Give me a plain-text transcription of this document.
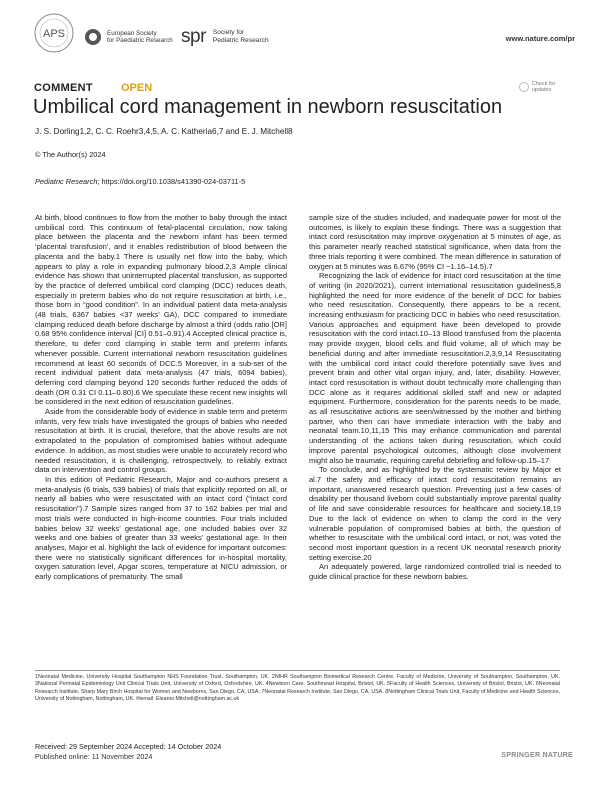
APS	European Society
for Paediatric Research spr Society for
Pediatric Research	www.nature.com/pr
Check for updates
COMMENT	OPEN
Umbilical cord management in newborn resuscitation
J. S. Dorling1,2, C. C. Roehr3,4,5, A. C. Katheria6,7 and E. J. Mitchell8
© The Author(s) 2024
Pediatric Research; https://doi.org/10.1038/s41390-024-03711-5

At birth, blood continues to flow from the mother to baby through the intact umbilical cord. This continuum of fetal-placental circulation, now taking place between the placenta and the newborn infant has been termed ‘placental transfusion’, and it enables redistribution of blood between the placenta and the baby.1 There is usually net flow into the baby, which appears to play a role in expanding pulmonary blood.2,3 Ample clinical evidence has shown that uninterrupted placental transfusion, as supported by the practice of deferred umbilical cord clamping (DCC) reduces death, especially in preterm babies who do not require resuscitation at birth, i.e., those born in “good condition”. In an individual patient data meta-analysis (48 trials, 6367 babies <37 weeks’ GA), DCC compared to immediate clamping reduced death before discharge by almost a third (odds ratio [OR] 0.68 95% confidence interval [CI] 0.51–0.91).4 Accepted clinical practice is, therefore, to defer cord clamping in stable term and preterm infants whenever possible. Current international newborn resuscitation guidelines recommend at least 60 seconds of DCC.5 Moreover, in a sub-set of the recent individual patient data meta-analysis (47 trials, 6094 babies), deferring cord clamping beyond 120 seconds further reduced the odds of death (OR 0.31 CI 0.11–0.80).6 We speculate these recent new insights will be considered in the next edition of resuscitation guidelines.

Aside from the considerable body of evidence in stable term and preterm infants, very few trials have investigated the groups of babies who needed resuscitation at birth. It is crucial, therefore, that the above results are not extrapolated to the population of compromised babies without adequate evidence. In addition, as most studies were unable to accurately record who needed resuscitation, it is challenging, retrospectively, to reliably extract data on intervention and control groups.

In this edition of Pediatric Research, Major and co-authors present a meta-analysis (6 trials, 539 babies) of trials that explicitly reported on all, or nearly all babies who were resuscitated with an intact cord (“intact cord resuscitation”).7 Sample sizes ranged from 37 to 162 babies per trial and most trials were conducted in high-income countries. Four trials included babies below 32 weeks’ gestational age, one included babies over 32 weeks and one babies of greater than 33 weeks’ gestational age. In their analyses, Major et al. highlight the lack of evidence for important outcomes: there were no statistically significant differences for in-hospital mortality, oxygen saturation level, Apgar scores, temperature at NICU admission, or early complications of prematurity. The small

sample size of the studies included, and inadequate power for most of the outcomes, is likely to explain these findings. There was a suggestion that intact cord resuscitation may improve oxygenation at 5 minutes of age, as this parameter nearly reached statistical significance, when data from the three trials reporting it were combined. The mean difference in saturation of oxygen at 5 minutes was 6.67% (95% CI −1.16–14.5).7

Recognizing the lack of evidence for intact cord resuscitation at the time of writing (in 2020/2021), current international resuscitation guidelines5,8 highlighted the need for more evidence of the benefit of DCC for babies who need resuscitation. Consequently, there appears to be a recent, increasing enthusiasm for practicing DCC in babies who need resuscitation. Various approaches and equipment have been developed to provide resuscitation with the cord intact.10–13 Blood transfused from the placenta may provide oxygen, blood cells and fluid volume, all of which may be beneficial during and after immediate resuscitation.2,3,9,14 Resuscitating with the umbilical cord intact could therefore potentially save lives and prevent brain and other vital organ injury, and, later, disability. However, intact cord resuscitation is without doubt technically more challenging than DCC alone as it requires additional skilled staff and new or adapted equipment. Furthermore, consideration for the parents needs to be made, as all resuscitative actions are seen/witnessed by the mother and birthing partner, who then can have immediate interaction with the baby and neonatal team.10,11,15 This may enhance communication and parental understanding of the actions taken during resuscitation, which could improve parental psychological outcomes, although close involvement might also be traumatic, requiring careful debriefing and follow-up.15–17

To conclude, and as highlighted by the systematic review by Major et al.7 the safety and efficacy of intact cord resuscitation remains an important, unanswered research question. Preventing just a few cases of disability per thousand liveborn could substantially improve parental quality of life and save considerable resources for healthcare and society.18,19 Due to the lack of evidence on when to clamp the cord in the very vulnerable population of compromised babies at birth, the question of whether to resuscitate with the umbilical cord intact, or not, was voted the second most important question in a recent UK neonatal research priority setting exercise.20

An adequately powered, large randomized controlled trial is needed to guide clinical practice for these newborn babies.

1Neonatal Medicine, University Hospital Southampton NHS Foundation Trust, Southampton, UK. 2NIHR Southampton Biomedical Research Centre, Faculty of Medicine, University of Southampton, Southampton, UK. 3National Perinatal Epidemiology Unit Clinical Trials Unit, University of Oxford, Oxfordshire, UK. 4Newborn Care, Southmead Hospital, Bristol, UK. 5Faculty of Health Sciences, University of Bristol, Bristol, UK. 6Neonatal Research Institute, Sharp Mary Birch Hospital for Women and Newborns, San Diego, CA, USA. 7Neonatal Research Institute, San Diego, CA, USA. 8Nottingham Clinical Trials Unit, Faculty of Medicine and Health Sciences, University of Nottingham, Nottingham, UK. ✉email: Eleanor.Mitchell@nottingham.ac.uk
Received: 29 September 2024 Accepted: 14 October 2024
Published online: 11 November 2024	SPRINGER NATURE
